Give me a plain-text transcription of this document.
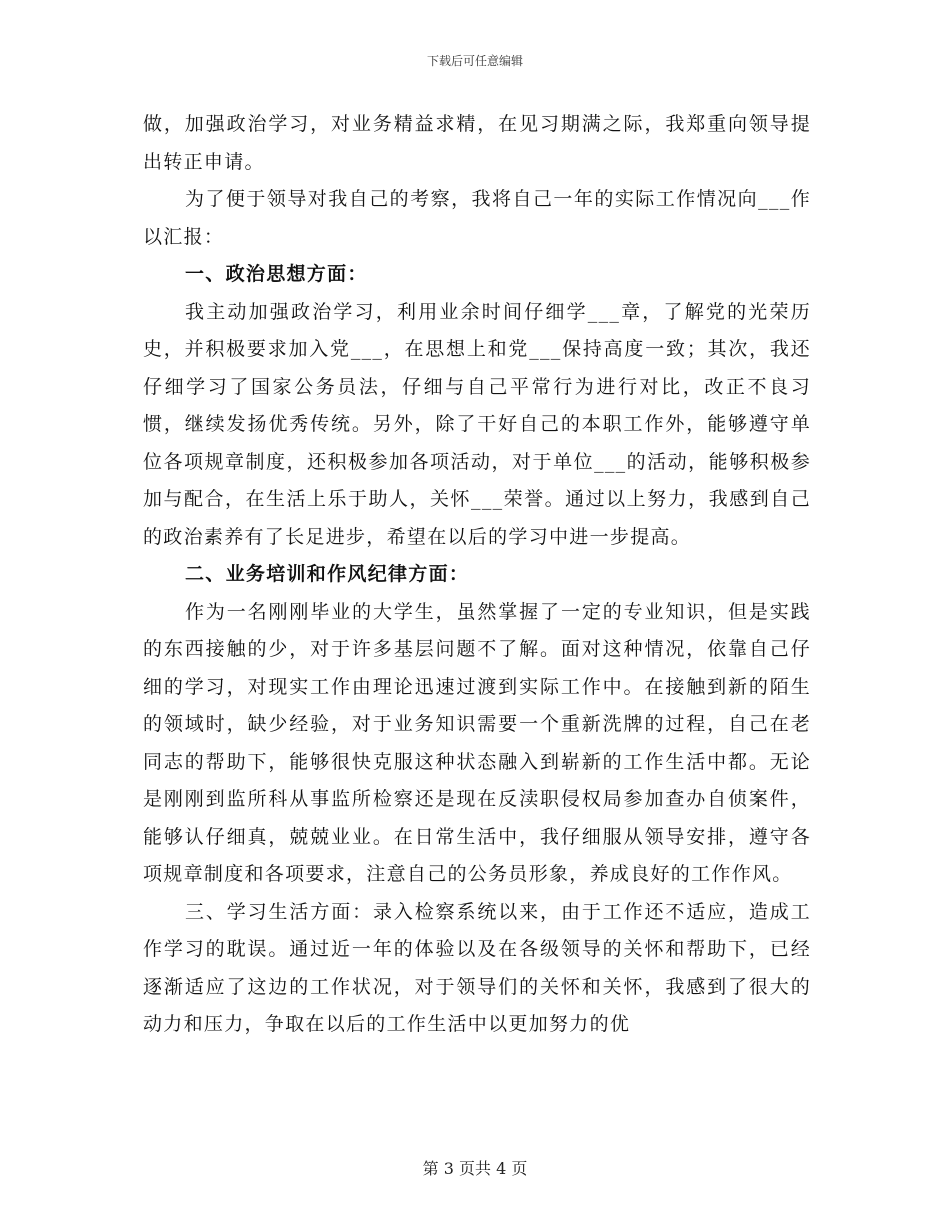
下载后可任意编辑

做，加强政治学习，对业务精益求精，在见习期满之际，我郑重向领导提出转正申请。

为了便于领导对我自己的考察，我将自己一年的实际工作情况向___作以汇报：

一、政治思想方面：

我主动加强政治学习，利用业余时间仔细学___章，了解党的光荣历史，并积极要求加入党___，在思想上和党___保持高度一致；其次，我还仔细学习了国家公务员法，仔细与自己平常行为进行对比，改正不良习惯，继续发扬优秀传统。另外，除了干好自己的本职工作外，能够遵守单位各项规章制度，还积极参加各项活动，对于单位___的活动，能够积极参加与配合，在生活上乐于助人，关怀___荣誉。通过以上努力，我感到自己的政治素养有了长足进步，希望在以后的学习中进一步提高。

二、业务培训和作风纪律方面：

作为一名刚刚毕业的大学生，虽然掌握了一定的专业知识，但是实践的东西接触的少，对于许多基层问题不了解。面对这种情况，依靠自己仔细的学习，对现实工作由理论迅速过渡到实际工作中。在接触到新的陌生的领域时，缺少经验，对于业务知识需要一个重新洗牌的过程，自己在老同志的帮助下，能够很快克服这种状态融入到崭新的工作生活中都。无论是刚刚到监所科从事监所检察还是现在反渎职侵权局参加查办自侦案件，能够认仔细真，兢兢业业。在日常生活中，我仔细服从领导安排，遵守各项规章制度和各项要求，注意自己的公务员形象，养成良好的工作作风。

三、学习生活方面：录入检察系统以来，由于工作还不适应，造成工作学习的耽误。通过近一年的体验以及在各级领导的关怀和帮助下，已经逐渐适应了这边的工作状况，对于领导们的关怀和关怀，我感到了很大的动力和压力，争取在以后的工作生活中以更加努力的优

第 3 页共 4 页
